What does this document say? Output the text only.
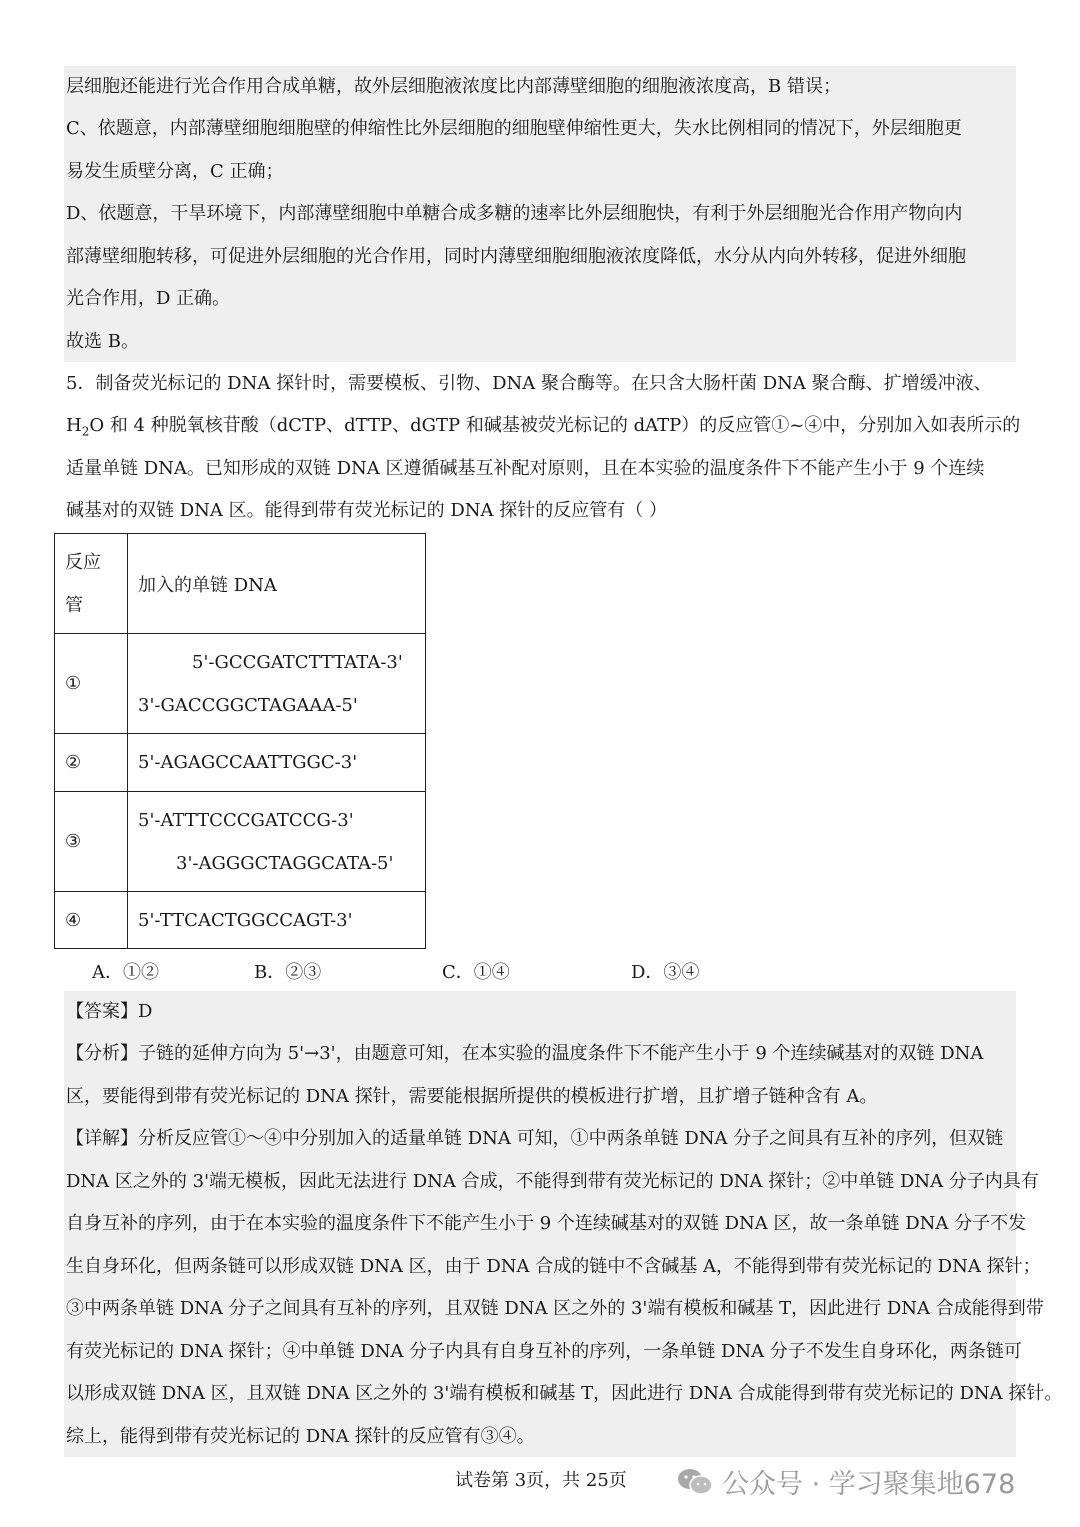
层细胞还能进行光合作用合成单糖，故外层细胞液浓度比内部薄壁细胞的细胞液浓度高，B 错误；
C、依题意，内部薄壁细胞细胞壁的伸缩性比外层细胞的细胞壁伸缩性更大，失水比例相同的情况下，外层细胞更
易发生质壁分离，C 正确；
D、依题意，干旱环境下，内部薄壁细胞中单糖合成多糖的速率比外层细胞快，有利于外层细胞光合作用产物向内
部薄壁细胞转移，可促进外层细胞的光合作用，同时内薄壁细胞细胞液浓度降低，水分从内向外转移，促进外细胞
光合作用，D 正确。
故选 B。
5．制备荧光标记的 DNA 探针时，需要模板、引物、DNA 聚合酶等。在只含大肠杆菌 DNA 聚合酶、扩增缓冲液、
$H_2O$ 和 4 种脱氧核苷酸（dCTP、dTTP、dGTP 和碱基被荧光标记的 dATP）的反应管①~④中，分别加入如表所示的
适量单链 DNA。已知形成的双链 DNA 区遵循碱基互补配对原则，且在本实验的温度条件下不能产生小于 9 个连续
碱基对的双链 DNA 区。能得到带有荧光标记的 DNA 探针的反应管有（ ）
反应
管	加入的单链 DNA
①	5'-GCCGATCTTTATA-3'
3'-GACCGGCTAGAAA-5'

②	5'-AGAGCCAATTGGC-3'

③	5'-ATTTCCCGATCCG-3'
3'-AGGGCTAGGCATA-5'

④	5'-TTCACTGGCCAGT-3'
A．①②	B．②③	C．①④	D．③④
【答案】D
【分析】子链的延伸方向为 5'→3'，由题意可知，在本实验的温度条件下不能产生小于 9 个连续碱基对的双链 DNA
区，要能得到带有荧光标记的 DNA 探针，需要能根据所提供的模板进行扩增，且扩增子链种含有 A。
【详解】分析反应管①～④中分别加入的适量单链 DNA 可知，①中两条单链 DNA 分子之间具有互补的序列，但双链
DNA 区之外的 3'端无模板，因此无法进行 DNA 合成，不能得到带有荧光标记的 DNA 探针；②中单链 DNA 分子内具有
自身互补的序列，由于在本实验的温度条件下不能产生小于 9 个连续碱基对的双链 DNA 区，故一条单链 DNA 分子不发
生自身环化，但两条链可以形成双链 DNA 区，由于 DNA 合成的链中不含碱基 A，不能得到带有荧光标记的 DNA 探针；
③中两条单链 DNA 分子之间具有互补的序列，且双链 DNA 区之外的 3'端有模板和碱基 T，因此进行 DNA 合成能得到带
有荧光标记的 DNA 探针；④中单链 DNA 分子内具有自身互补的序列，一条单链 DNA 分子不发生自身环化，两条链可
以形成双链 DNA 区，且双链 DNA 区之外的 3'端有模板和碱基 T，因此进行 DNA 合成能得到带有荧光标记的 DNA 探针。
综上，能得到带有荧光标记的 DNA 探针的反应管有③④。
试卷第 3页，共 25页	公众号 · 学习聚集地678
